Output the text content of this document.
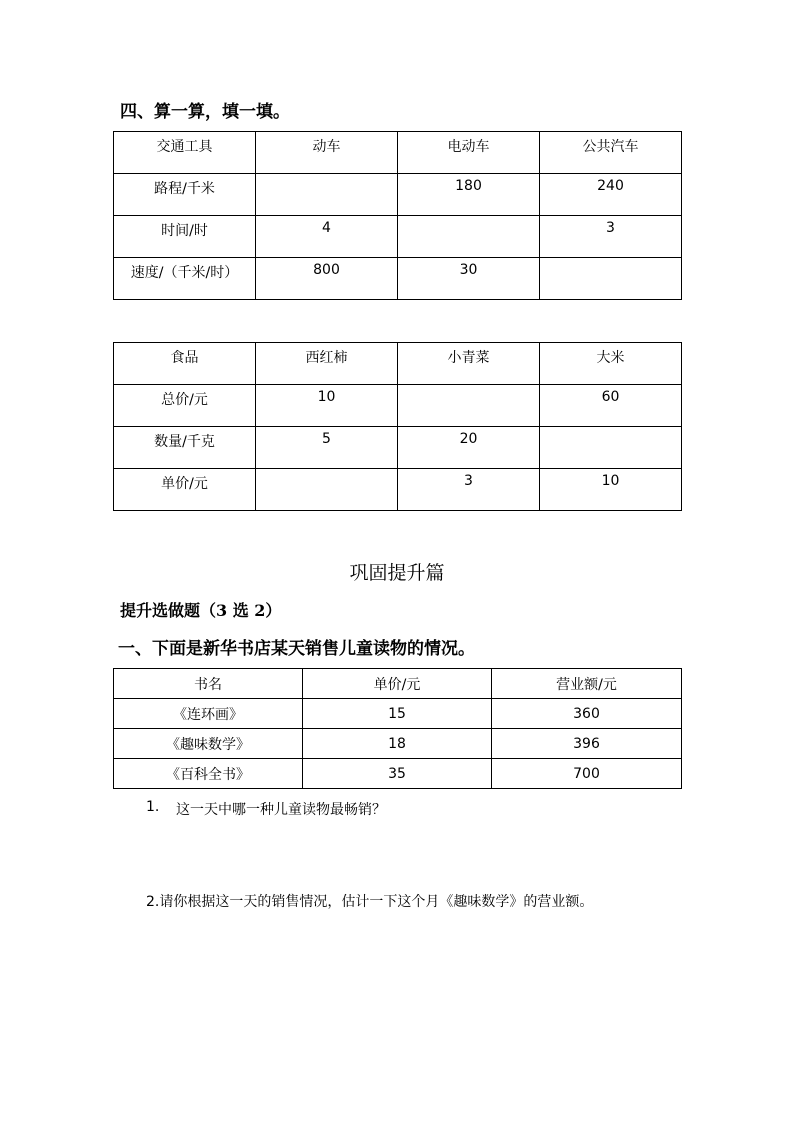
四、算一算，填一填。
交通工具	动车	电动车	公共汽车
路程/千米		180	240
时间/时	4		3
速度/（千米/时）	800	30	
食品	西红柿	小青菜	大米
总价/元	10		60
数量/千克	5	20	
单价/元		3	10
巩固提升篇
提升选做题（3 选 2）
一、下面是新华书店某天销售儿童读物的情况。
书名	单价/元	营业额/元
《连环画》	15	360
《趣味数学》	18	396
《百科全书》	35	700
1. 这一天中哪一种儿童读物最畅销？
2.请你根据这一天的销售情况，估计一下这个月《趣味数学》的营业额。
